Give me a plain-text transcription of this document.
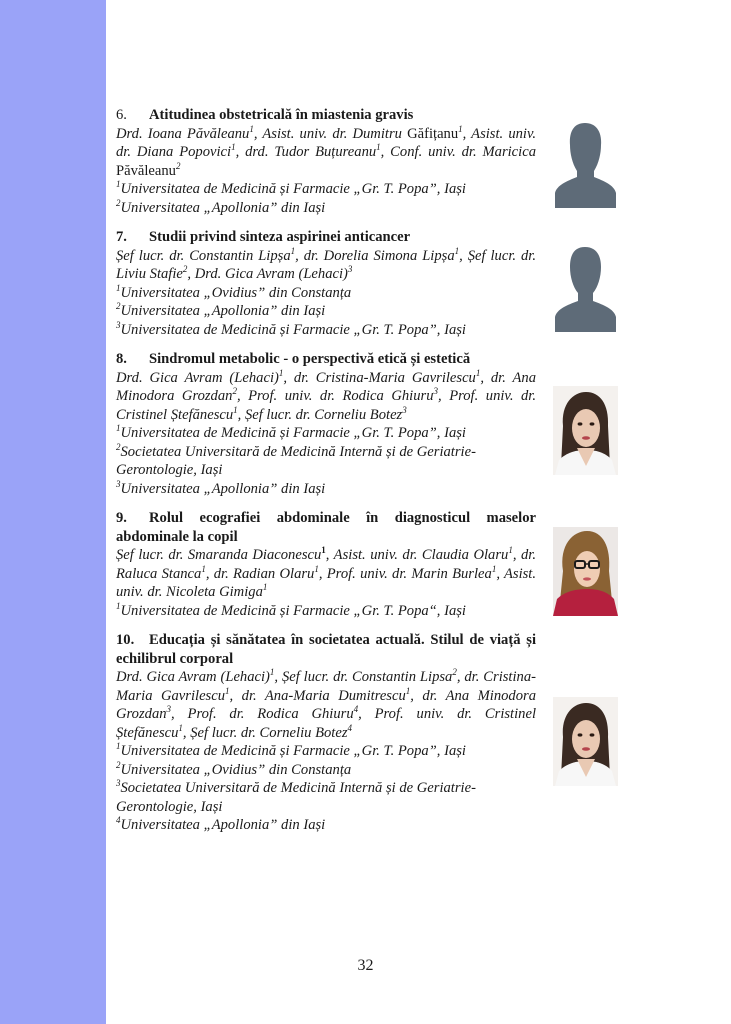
6. Atitudinea obstetricală în miastenia gravis

Drd. Ioana Păvăleanu$^1$, Asist. univ. dr. Dumitru Găfițanu$^1$, Asist. univ. dr. Diana Popovici$^1$, drd. Tudor Buțureanu$^1$, Conf. univ. dr. Maricica Păvăleanu$^2$

$^1$Universitatea de Medicină și Farmacie „Gr. T. Popa”, Iași

$^2$Universitatea „Apollonia” din Iași

7. Studii privind sinteza aspirinei anticancer

Șef lucr. dr. Constantin Lipșa$^1$, dr. Dorelia Simona Lipșa$^1$, Șef lucr. dr. Liviu Stafie$^2$, Drd. Gica Avram (Lehaci)$^3$

$^1$Universitatea „Ovidius” din Constanța

$^2$Universitatea „Apollonia” din Iași

$^3$Universitatea de Medicină și Farmacie „Gr. T. Popa”, Iași

8. Sindromul metabolic - o perspectivă etică și estetică

Drd. Gica Avram (Lehaci)$^1$, dr. Cristina-Maria Gavrilescu$^1$, dr. Ana Minodora Grozdan$^2$, Prof. univ. dr. Rodica Ghiuru$^3$, Prof. univ. dr. Cristinel Ștefănescu$^1$, Șef lucr. dr. Corneliu Botez$^3$

$^1$Universitatea de Medicină și Farmacie „Gr. T. Popa”, Iași

$^2$Societatea Universitară de Medicină Internă și de Geriatrie-Gerontologie, Iași

$^3$Universitatea „Apollonia” din Iași

9. Rolul ecografiei abdominale în diagnosticul maselor abdominale la copil

Șef lucr. dr. Smaranda Diaconescu$^1$, Asist. univ. dr. Claudia Olaru$^1$, dr. Raluca Stanca$^1$, dr. Radian Olaru$^1$, Prof. univ. dr. Marin Burlea$^1$, Asist. univ. dr. Nicoleta Gimiga$^1$

$^1$Universitatea de Medicină și Farmacie „Gr. T. Popa“, Iași

10. Educația și sănătatea în societatea actuală. Stilul de viață și echilibrul corporal

Drd. Gica Avram (Lehaci)$^1$, Șef lucr. dr. Constantin Lipsa$^2$, dr. Cristina-Maria Gavrilescu$^1$, dr. Ana-Maria Dumitrescu$^1$, dr. Ana Minodora Grozdan$^3$, Prof. dr. Rodica Ghiuru$^4$, Prof. univ. dr. Cristinel Ștefănescu$^1$, Șef lucr. dr. Corneliu Botez$^4$

$^1$Universitatea de Medicină și Farmacie „Gr. T. Popa”, Iași

$^2$Universitatea „Ovidius” din Constanța

$^3$Societatea Universitară de Medicină Internă și de Geriatrie-Gerontologie, Iași

$^4$Universitatea „Apollonia” din Iași

32
